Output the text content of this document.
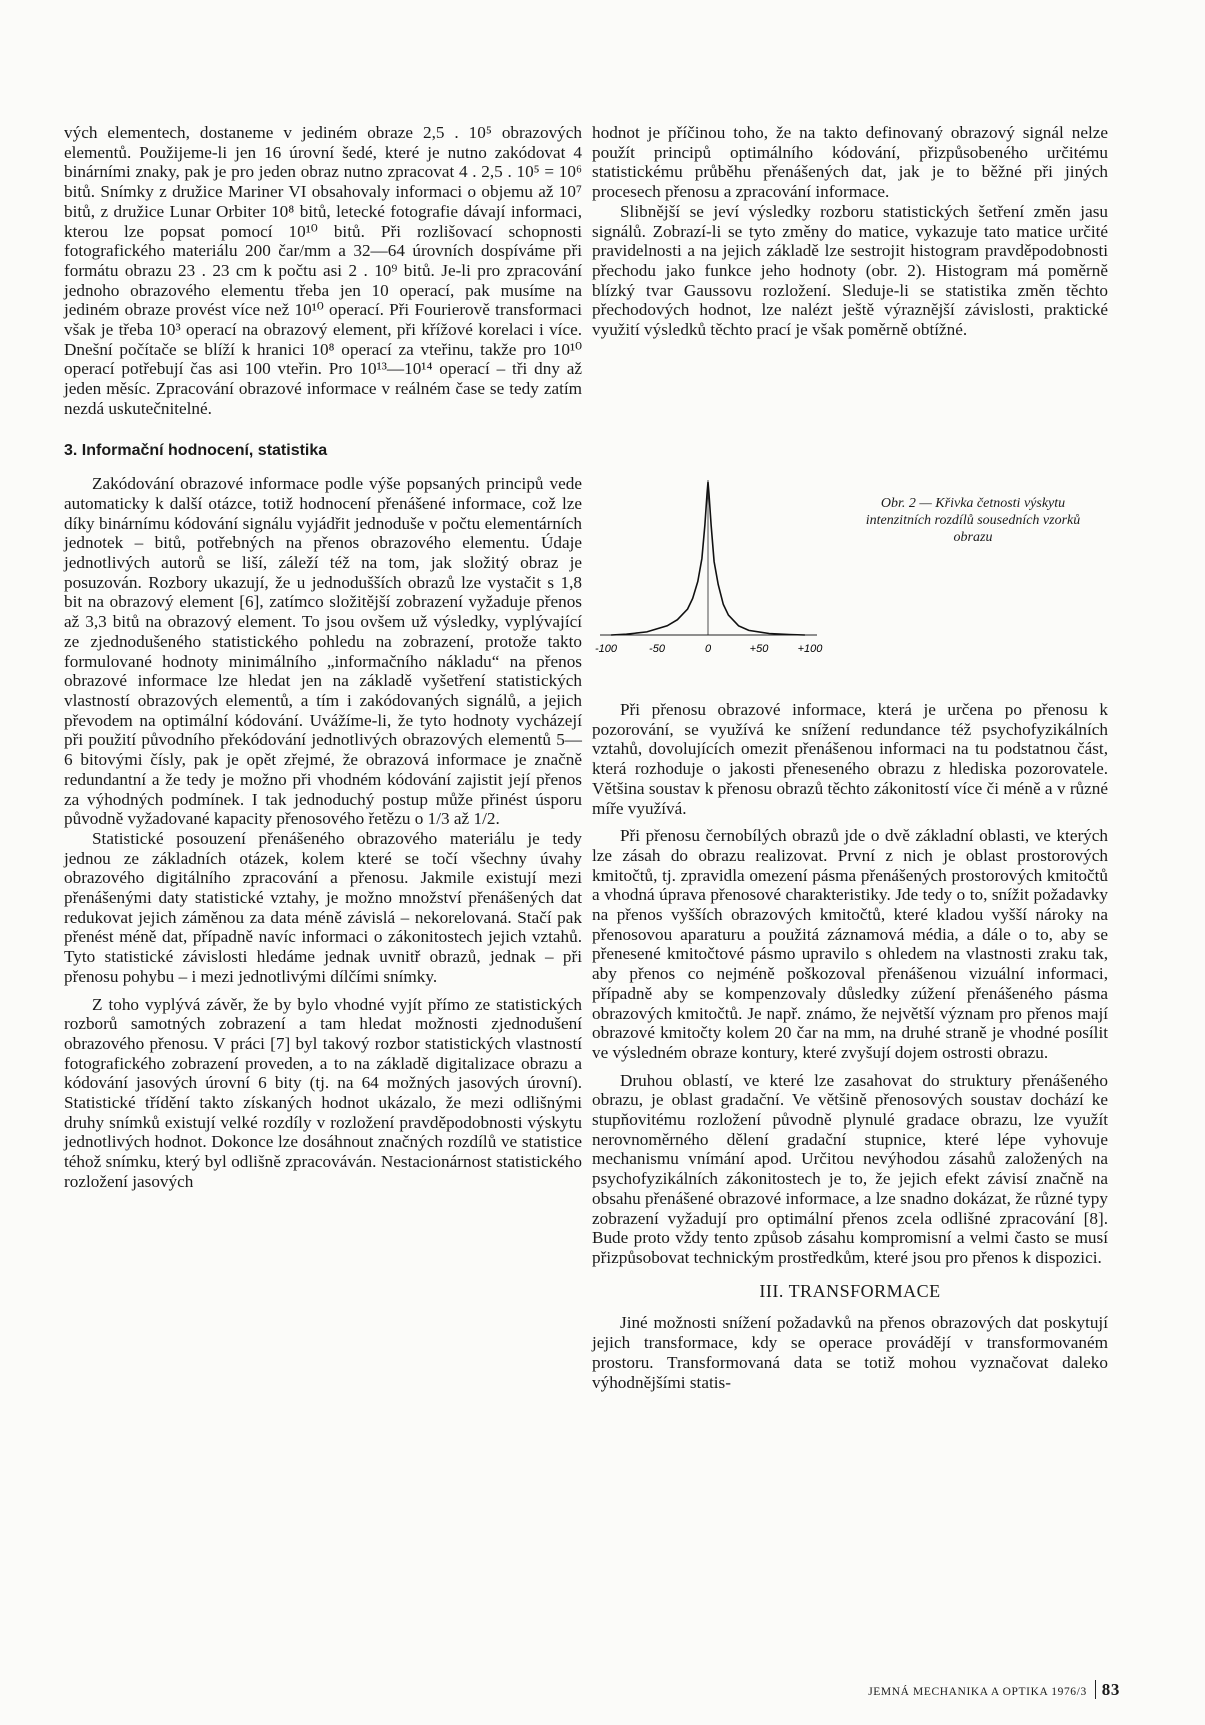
vých elementech, dostaneme v jediném obraze 2,5 . 10⁵ obrazových elementů. Použijeme-li jen 16 úrovní šedé, které je nutno zakódovat 4 binárními znaky, pak je pro jeden obraz nutno zpracovat 4 . 2,5 . 10⁵ = 10⁶ bitů. Snímky z družice Mariner VI obsahovaly informaci o objemu až 10⁷ bitů, z družice Lunar Orbiter 10⁸ bitů, letecké fotografie dávají informaci, kterou lze popsat pomocí 10¹⁰ bitů. Při rozlišovací schopnosti fotografického materiálu 200 čar/mm a 32—64 úrovních dospíváme při formátu obrazu 23 . 23 cm k počtu asi 2 . 10⁹ bitů. Je-li pro zpracování jednoho obrazového elementu třeba jen 10 operací, pak musíme na jediném obraze provést více než 10¹⁰ operací. Při Fourierově transformaci však je třeba 10³ operací na obrazový element, při křížové korelaci i více. Dnešní počítače se blíží k hranici 10⁸ operací za vteřinu, takže pro 10¹⁰ operací potřebují čas asi 100 vteřin. Pro 10¹³—10¹⁴ operací – tři dny až jeden měsíc. Zpracování obrazové informace v reálném čase se tedy zatím nezdá uskutečnitelné.

3. Informační hodnocení, statistika

Zakódování obrazové informace podle výše popsaných principů vede automaticky k další otázce, totiž hodnocení přenášené informace, což lze díky binárnímu kódování signálu vyjádřit jednoduše v počtu elementárních jednotek – bitů, potřebných na přenos obrazového elementu. Údaje jednotlivých autorů se liší, záleží též na tom, jak složitý obraz je posuzován. Rozbory ukazují, že u jednodušších obrazů lze vystačit s 1,8 bit na obrazový element [6], zatímco složitější zobrazení vyžaduje přenos až 3,3 bitů na obrazový element. To jsou ovšem už výsledky, vyplývající ze zjednodušeného statistického pohledu na zobrazení, protože takto formulované hodnoty minimálního „informačního nákladu“ na přenos obrazové informace lze hledat jen na základě vyšetření statistických vlastností obrazových elementů, a tím i zakódovaných signálů, a jejich převodem na optimální kódování. Uvážíme-li, že tyto hodnoty vycházejí při použití původního překódování jednotlivých obrazových elementů 5—6 bitovými čísly, pak je opět zřejmé, že obrazová informace je značně redundantní a že tedy je možno při vhodném kódování zajistit její přenos za výhodných podmínek. I tak jednoduchý postup může přinést úsporu původně vyžadované kapacity přenosového řetězu o 1/3 až 1/2.

Statistické posouzení přenášeného obrazového materiálu je tedy jednou ze základních otázek, kolem které se točí všechny úvahy obrazového digitálního zpracování a přenosu. Jakmile existují mezi přenášenými daty statistické vztahy, je možno množství přenášených dat redukovat jejich záměnou za data méně závislá – nekorelovaná. Stačí pak přenést méně dat, případně navíc informaci o zákonitostech jejich vztahů. Tyto statistické závislosti hledáme jednak uvnitř obrazů, jednak – při přenosu pohybu – i mezi jednotlivými dílčími snímky.

Z toho vyplývá závěr, že by bylo vhodné vyjít přímo ze statistických rozborů samotných zobrazení a tam hledat možnosti zjednodušení obrazového přenosu. V práci [7] byl takový rozbor statistických vlastností fotografického zobrazení proveden, a to na základě digitalizace obrazu a kódování jasových úrovní 6 bity (tj. na 64 možných jasových úrovní). Statistické třídění takto získaných hodnot ukázalo, že mezi odlišnými druhy snímků existují velké rozdíly v rozložení pravděpodobnosti výskytu jednotlivých hodnot. Dokonce lze dosáhnout značných rozdílů ve statistice téhož snímku, který byl odlišně zpracováván. Nestacionárnost statistického rozložení jasových

hodnot je příčinou toho, že na takto definovaný obrazový signál nelze použít principů optimálního kódování, přizpůsobeného určitému statistickému průběhu přenášených dat, jak je to běžné při jiných procesech přenosu a zpracování informace.

Slibnější se jeví výsledky rozboru statistických šetření změn jasu signálů. Zobrazí-li se tyto změny do matice, vykazuje tato matice určité pravidelnosti a na jejich základě lze sestrojit histogram pravděpodobnosti přechodu jako funkce jeho hodnoty (obr. 2). Histogram má poměrně blízký tvar Gaussovu rozložení. Sleduje-li se statistika změn těchto přechodových hodnot, lze nalézt ještě výraznější závislosti, praktické využití výsledků těchto prací je však poměrně obtížné.

-100	-50	0	+50	+100
Obr. 2 — Křivka četnosti výskytu intenzitních rozdílů sousedních vzorků obrazu

Při přenosu obrazové informace, která je určena po přenosu k pozorování, se využívá ke snížení redundance též psychofyzikálních vztahů, dovolujících omezit přenášenou informaci na tu podstatnou část, která rozhoduje o jakosti přeneseného obrazu z hlediska pozorovatele. Většina soustav k přenosu obrazů těchto zákonitostí více či méně a v různé míře využívá.

Při přenosu černobílých obrazů jde o dvě základní oblasti, ve kterých lze zásah do obrazu realizovat. První z nich je oblast prostorových kmitočtů, tj. zpravidla omezení pásma přenášených prostorových kmitočtů a vhodná úprava přenosové charakteristiky. Jde tedy o to, snížit požadavky na přenos vyšších obrazových kmitočtů, které kladou vyšší nároky na přenosovou aparaturu a použitá záznamová média, a dále o to, aby se přenesené kmitočtové pásmo upravilo s ohledem na vlastnosti zraku tak, aby přenos co nejméně poškozoval přenášenou vizuální informaci, případně aby se kompenzovaly důsledky zúžení přenášeného pásma obrazových kmitočtů. Je např. známo, že největší význam pro přenos mají obrazové kmitočty kolem 20 čar na mm, na druhé straně je vhodné posílit ve výsledném obraze kontury, které zvyšují dojem ostrosti obrazu.

Druhou oblastí, ve které lze zasahovat do struktury přenášeného obrazu, je oblast gradační. Ve většině přenosových soustav dochází ke stupňovitému rozložení původně plynulé gradace obrazu, lze využít nerovnoměrného dělení gradační stupnice, které lépe vyhovuje mechanismu vnímání apod. Určitou nevýhodou zásahů založených na psychofyzikálních zákonitostech je to, že jejich efekt závisí značně na obsahu přenášené obrazové informace, a lze snadno dokázat, že různé typy zobrazení vyžadují pro optimální přenos zcela odlišné zpracování [8]. Bude proto vždy tento způsob zásahu kompromisní a velmi často se musí přizpůsobovat technickým prostředkům, které jsou pro přenos k dispozici.

III. TRANSFORMACE

Jiné možnosti snížení požadavků na přenos obrazových dat poskytují jejich transformace, kdy se operace provádějí v transformovaném prostoru. Transformovaná data se totiž mohou vyznačovat daleko výhodnějšími statis-

JEMNÁ MECHANIKA A OPTIKA 1976/3 83
